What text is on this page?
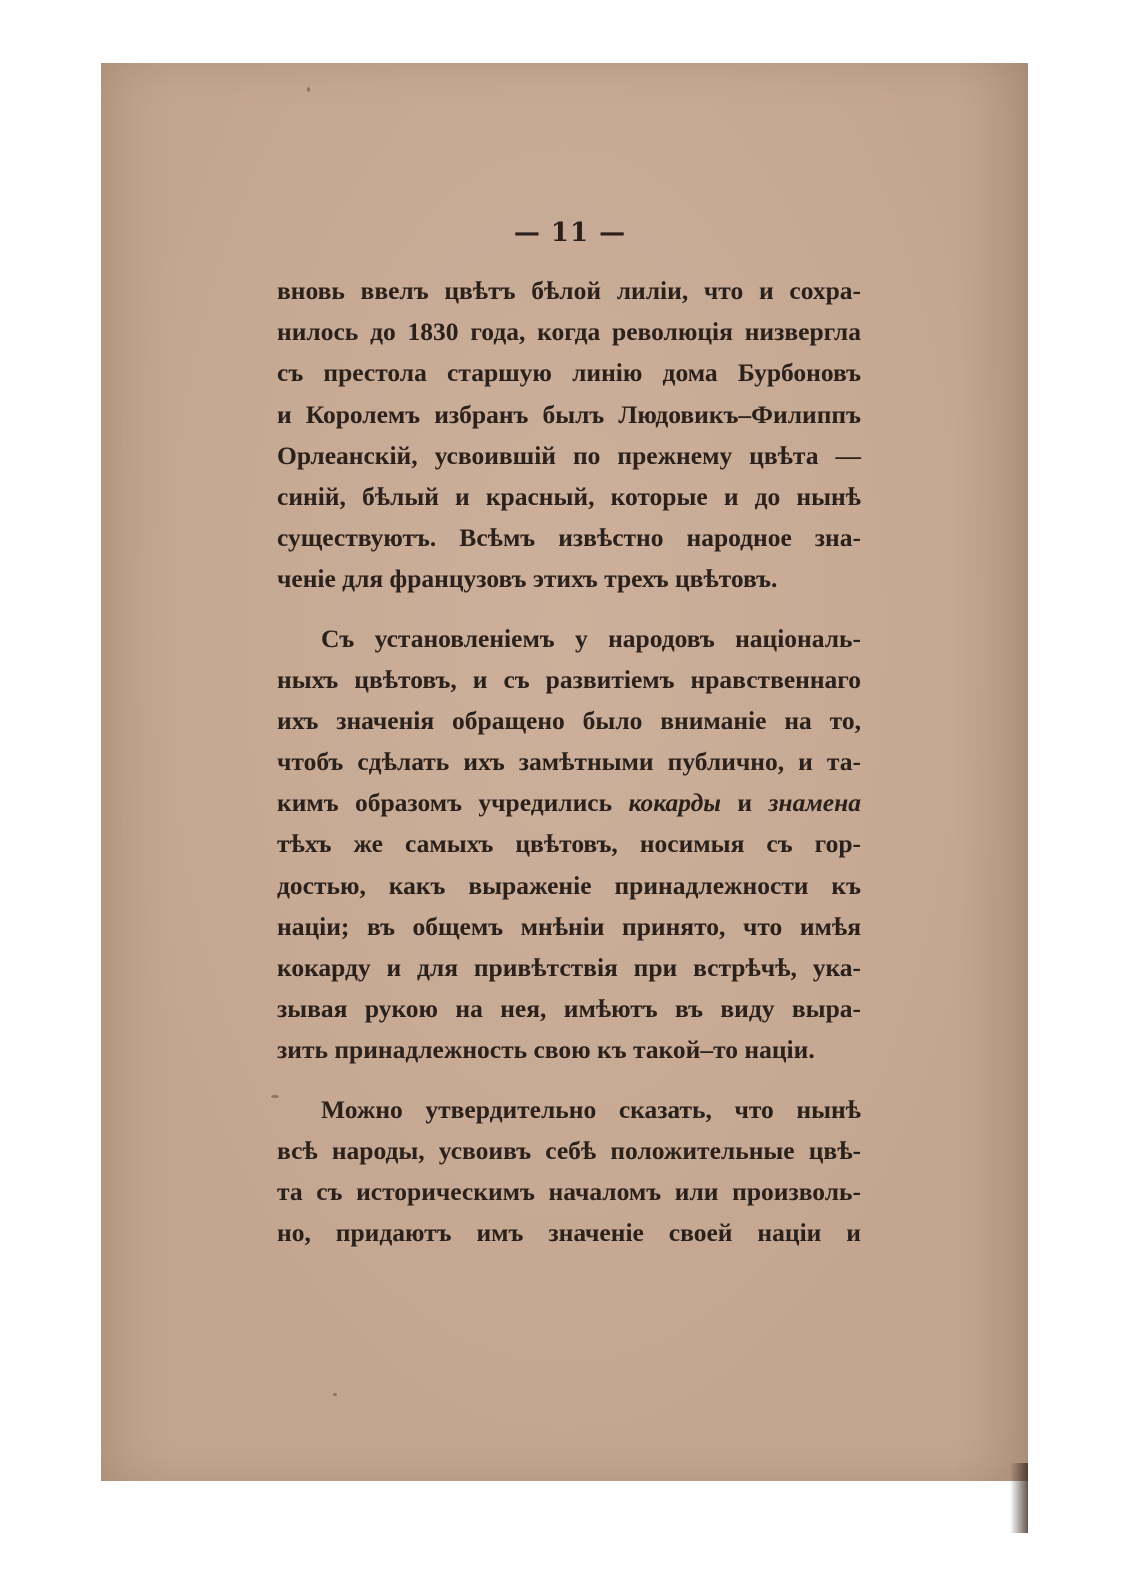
— 11 —
вновь ввелъ цвѣтъ бѣлой лиліи, что и сохра-
нилось до 1830 года, когда революція низвергла
съ престола старшую линію дома Бурбоновъ
и Королемъ избранъ былъ Людовикъ–Филиппъ
Орлеанскій, усвоившій по прежнему цвѣта —
синій, бѣлый и красный, которые и до нынѣ
существуютъ. Всѣмъ извѣстно народное зна-
ченіе для французовъ этихъ трехъ цвѣтовъ.
Съ установленіемъ у народовъ національ-
ныхъ цвѣтовъ, и съ развитіемъ нравственнаго
ихъ значенія обращено было вниманіе на то,
чтобъ сдѣлать ихъ замѣтными публично, и та-
кимъ образомъ учредились кокарды и знамена
тѣхъ же самыхъ цвѣтовъ, носимыя съ гор-
достью, какъ выраженіе принадлежности къ
націи; въ общемъ мнѣніи принято, что имѣя
кокарду и для привѣтствія при встрѣчѣ, ука-
зывая рукою на нея, имѣютъ въ виду выра-
зить принадлежность свою къ такой–то націи.
Можно утвердительно сказать, что нынѣ
всѣ народы, усвоивъ себѣ положительные цвѣ-
та съ историческимъ началомъ или произволь-
но, придаютъ имъ значеніе своей націи и
